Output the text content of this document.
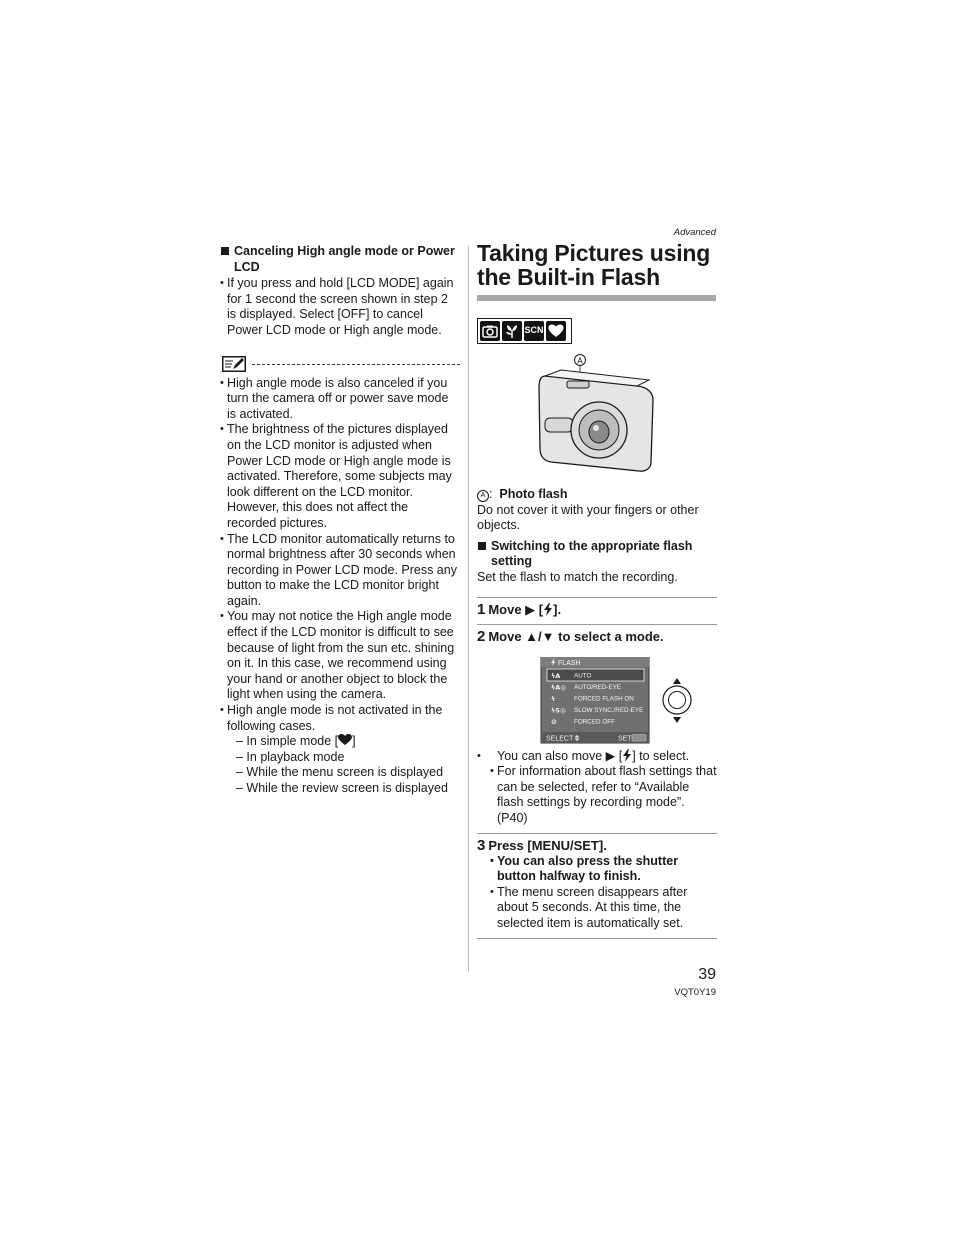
Advanced
Canceling High angle mode or Power LCD
• If you press and hold [LCD MODE] again for 1 second the screen shown in step 2 is displayed. Select [OFF] to cancel Power LCD mode or High angle mode.
• High angle mode is also canceled if you turn the camera off or power save mode is activated.
• The brightness of the pictures displayed on the LCD monitor is adjusted when Power LCD mode or High angle mode is activated. Therefore, some subjects may look different on the LCD monitor. However, this does not affect the recorded pictures.
• The LCD monitor automatically returns to normal brightness after 30 seconds when recording in Power LCD mode. Press any button to make the LCD monitor bright again.
• You may not notice the High angle mode effect if the LCD monitor is difficult to see because of light from the sun etc. shining on it. In this case, we recommend using your hand or another object to block the light when using the camera.
• High angle mode is not activated in the following cases.
– In simple mode [ ]
– In playback mode
– While the menu screen is displayed
– While the review screen is displayed
Taking Pictures using
the Built-in Flash
SCN
A
A :  Photo flash
Do not cover it with your fingers or other objects.
Switching to the appropriate flash setting
Set the flash to match the recording.
1 Move ▶ [ ].
2 Move ▲/▼ to select a mode.
FLASH
ϟA AUTO
ϟA◎ AUTO/RED-EYE
ϟ	FORCED FLASH ON
ϟS◎ SLOW SYNC./RED-EYE
⊘	FORCED OFF
SELECT	SET
• You can also move ▶ [ ] to select.
• For information about flash settings that can be selected, refer to “Available flash settings by recording mode”. (P40)
3 Press [MENU/SET].
• You can also press the shutter button halfway to finish.
• The menu screen disappears after about 5 seconds. At this time, the selected item is automatically set.
39
VQT0Y19
